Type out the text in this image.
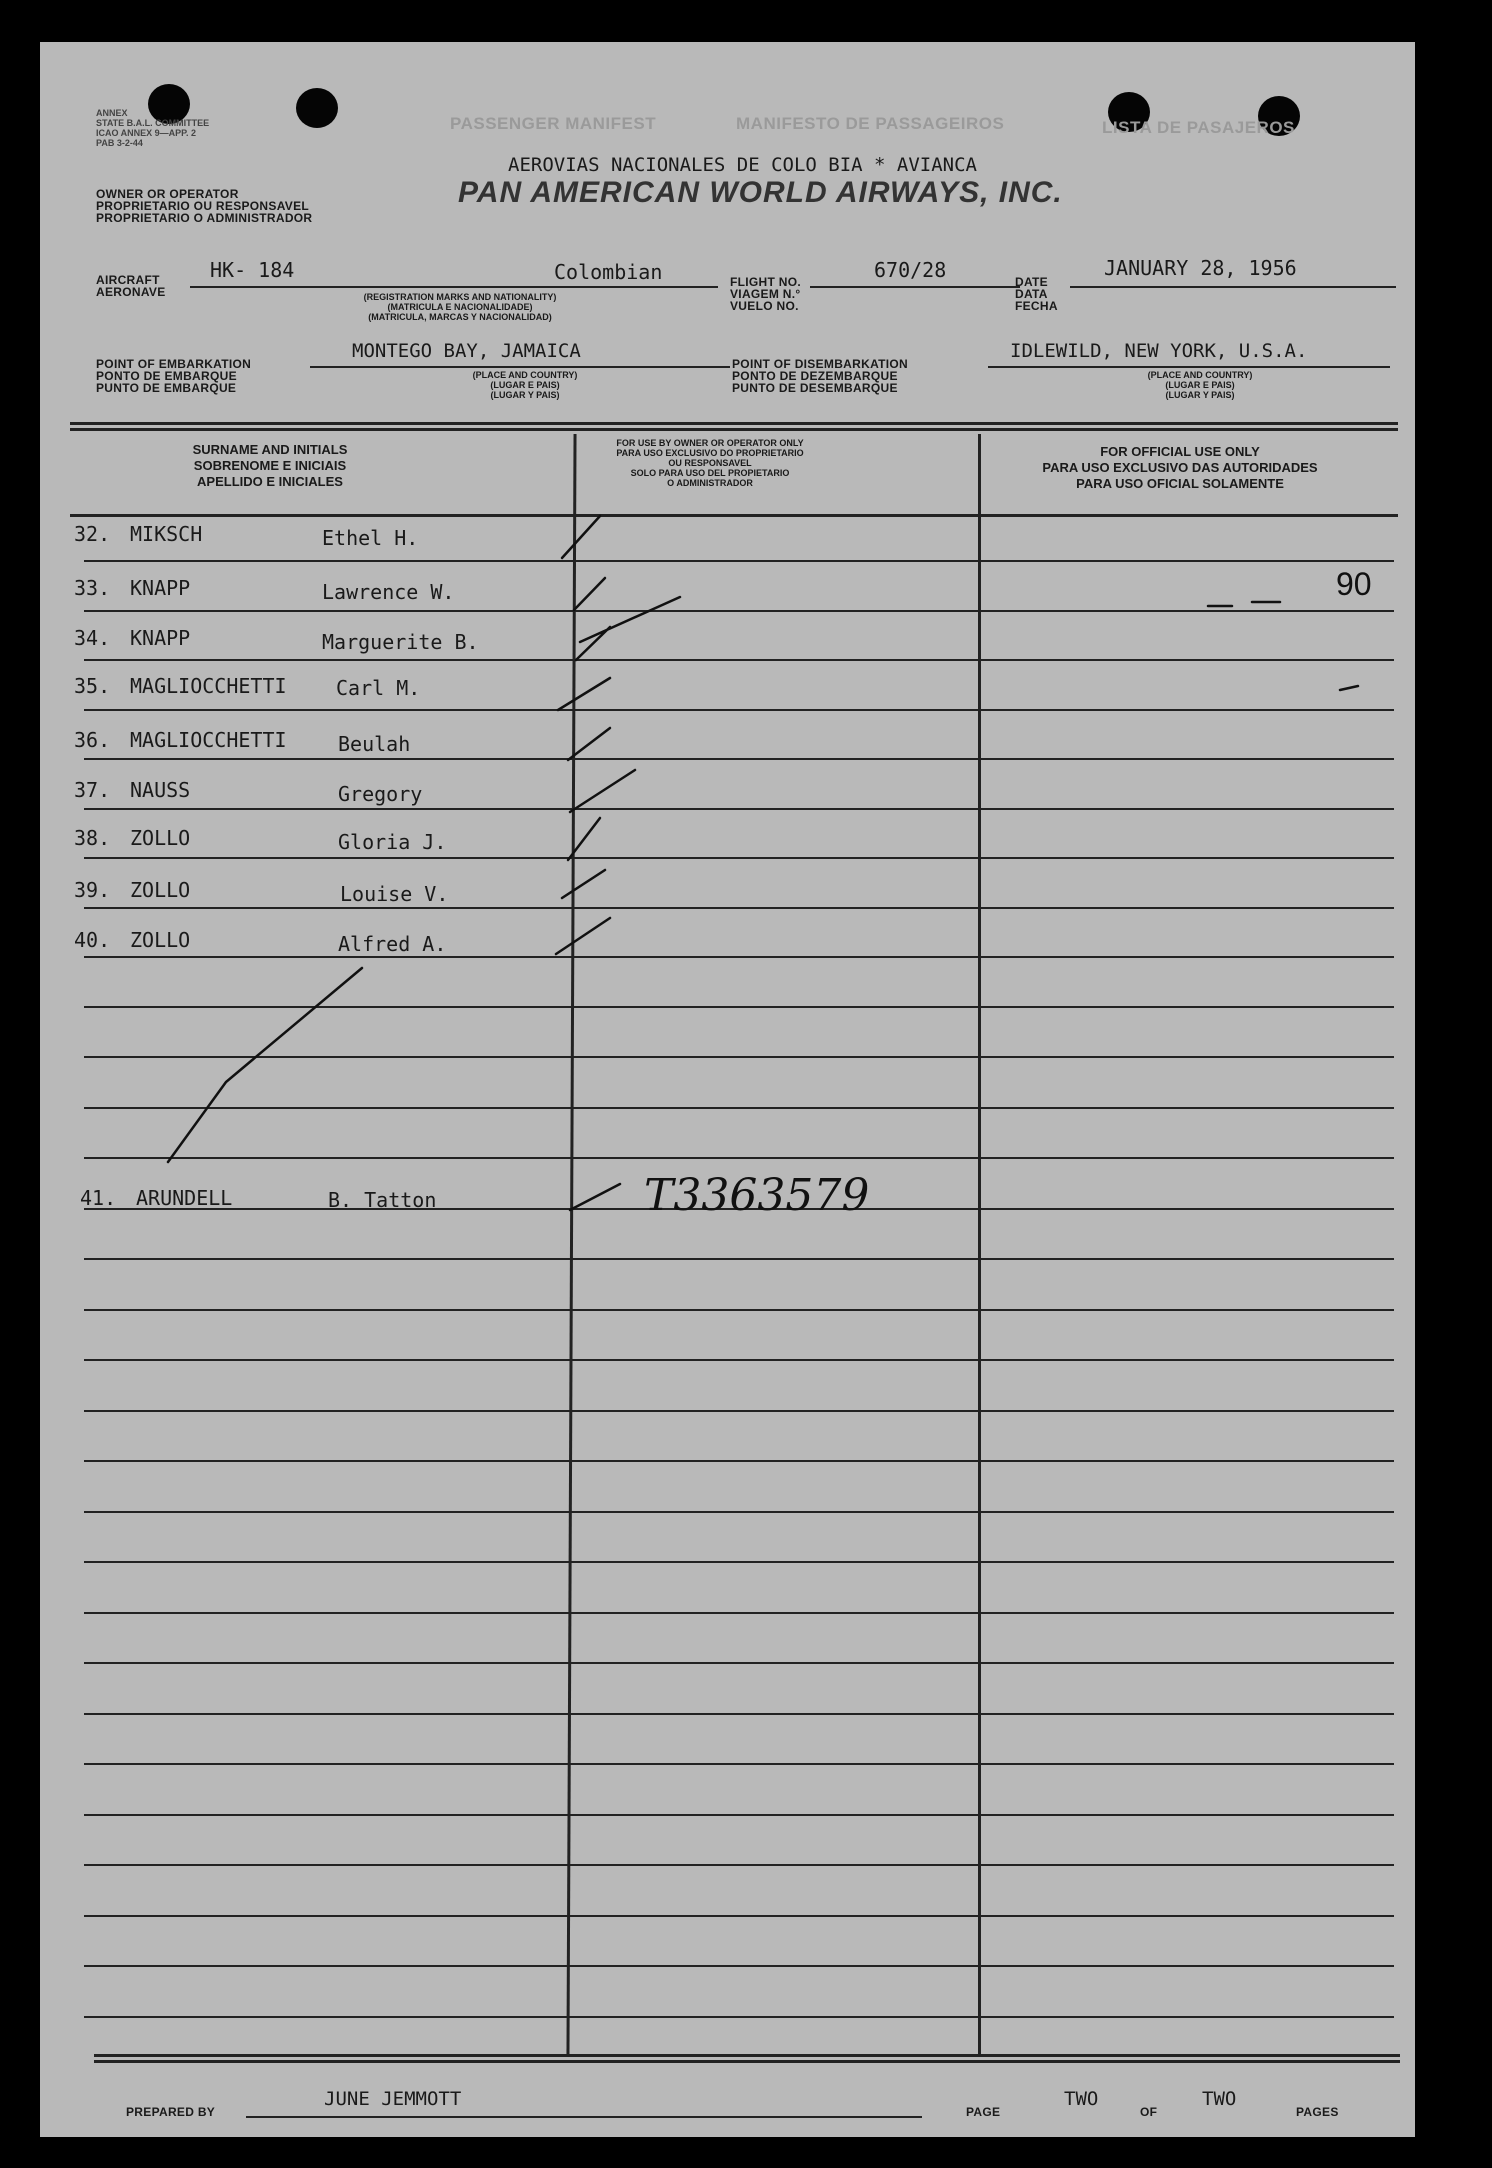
ANNEX
STATE B.A.L. COMMITTEE
ICAO ANNEX 9—APP. 2
PAB 3-2-44
PASSENGER MANIFEST	MANIFESTO DE PASSAGEIROS	LISTA DE PASAJEROS
OWNER OR OPERATOR
PROPRIETARIO OU RESPONSAVEL
PROPRIETARIO O ADMINISTRADOR
AEROVIAS NACIONALES DE COLO BIA * AVIANCA
PAN AMERICAN WORLD AIRWAYS, INC.
AIRCRAFT
AERONAVE
HK- 184	Colombian
(REGISTRATION MARKS AND NATIONALITY)
(MATRICULA E NACIONALIDADE)
(MATRICULA, MARCAS Y NACIONALIDAD)
FLIGHT NO.
VIAGEM N.°
VUELO NO.
670/28	DATE
DATA
FECHA
JANUARY 28, 1956
POINT OF EMBARKATION
PONTO DE EMBARQUE
PUNTO DE EMBARQUE
MONTEGO BAY, JAMAICA
(PLACE AND COUNTRY)
(LUGAR E PAIS)
(LUGAR Y PAIS)
POINT OF DISEMBARKATION
PONTO DE DEZEMBARQUE
PUNTO DE DESEMBARQUE
IDLEWILD, NEW YORK, U.S.A.
(PLACE AND COUNTRY)
(LUGAR E PAIS)
(LUGAR Y PAIS)
SURNAME AND INITIALS
SOBRENOME E INICIAIS
APELLIDO E INICIALES
FOR USE BY OWNER OR OPERATOR ONLY
PARA USO EXCLUSIVO DO PROPRIETARIO
OU RESPONSAVEL
SOLO PARA USO DEL PROPIETARIO
O ADMINISTRADOR
FOR OFFICIAL USE ONLY
PARA USO EXCLUSIVO DAS AUTORIDADES
PARA USO OFICIAL SOLAMENTE
32. MIKSCH	Ethel H.
33. KNAPP	Lawrence W.
34. KNAPP	Marguerite B.
35. MAGLIOCCHETTI Carl M.
36. MAGLIOCCHETTI	Beulah
37. NAUSS	Gregory
38. ZOLLO	Gloria J.
39. ZOLLO	Louise V.
40. ZOLLO	Alfred A.
41. ARUNDELL	B. Tatton
90
T3363579
PREPARED BY
JUNE JEMMOTT
PAGE
TWO
OF
TWO
PAGES
